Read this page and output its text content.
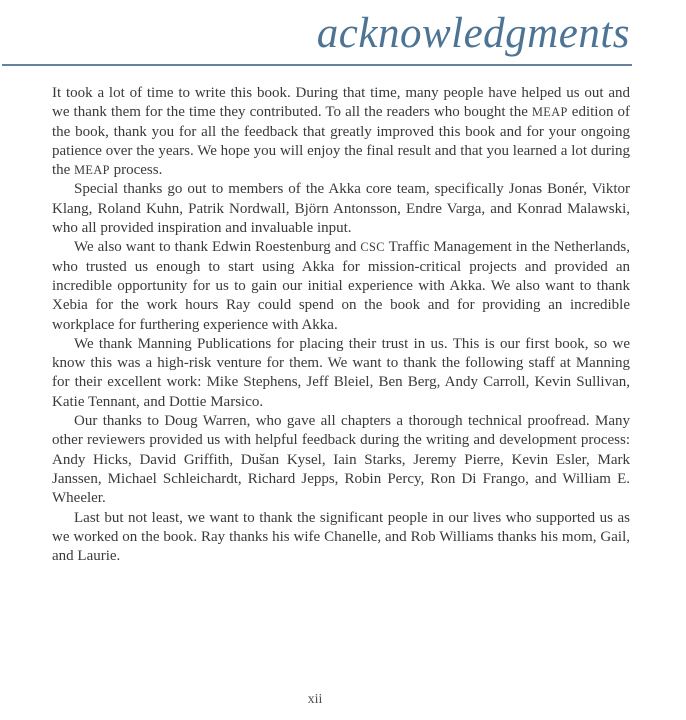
acknowledgments

It took a lot of time to write this book. During that time, many people have helped us out and we thank them for the time they contributed. To all the readers who bought the MEAP edition of the book, thank you for all the feedback that greatly improved this book and for your ongoing patience over the years. We hope you will enjoy the final result and that you learned a lot during the MEAP process.

Special thanks go out to members of the Akka core team, specifically Jonas Bonér, Viktor Klang, Roland Kuhn, Patrik Nordwall, Björn Antonsson, Endre Varga, and Konrad Malawski, who all provided inspiration and invaluable input.

We also want to thank Edwin Roestenburg and CSC Traffic Management in the Netherlands, who trusted us enough to start using Akka for mission-critical projects and provided an incredible opportunity for us to gain our initial experience with Akka. We also want to thank Xebia for the work hours Ray could spend on the book and for providing an incredible workplace for furthering experience with Akka.

We thank Manning Publications for placing their trust in us. This is our first book, so we know this was a high-risk venture for them. We want to thank the following staff at Manning for their excellent work: Mike Stephens, Jeff Bleiel, Ben Berg, Andy Carroll, Kevin Sullivan, Katie Tennant, and Dottie Marsico.

Our thanks to Doug Warren, who gave all chapters a thorough technical proofread. Many other reviewers provided us with helpful feedback during the writing and development process: Andy Hicks, David Griffith, Dušan Kysel, Iain Starks, Jeremy Pierre, Kevin Esler, Mark Janssen, Michael Schleichardt, Richard Jepps, Robin Percy, Ron Di Frango, and William E. Wheeler.

Last but not least, we want to thank the significant people in our lives who supported us as we worked on the book. Ray thanks his wife Chanelle, and Rob Williams thanks his mom, Gail, and Laurie.

xii
